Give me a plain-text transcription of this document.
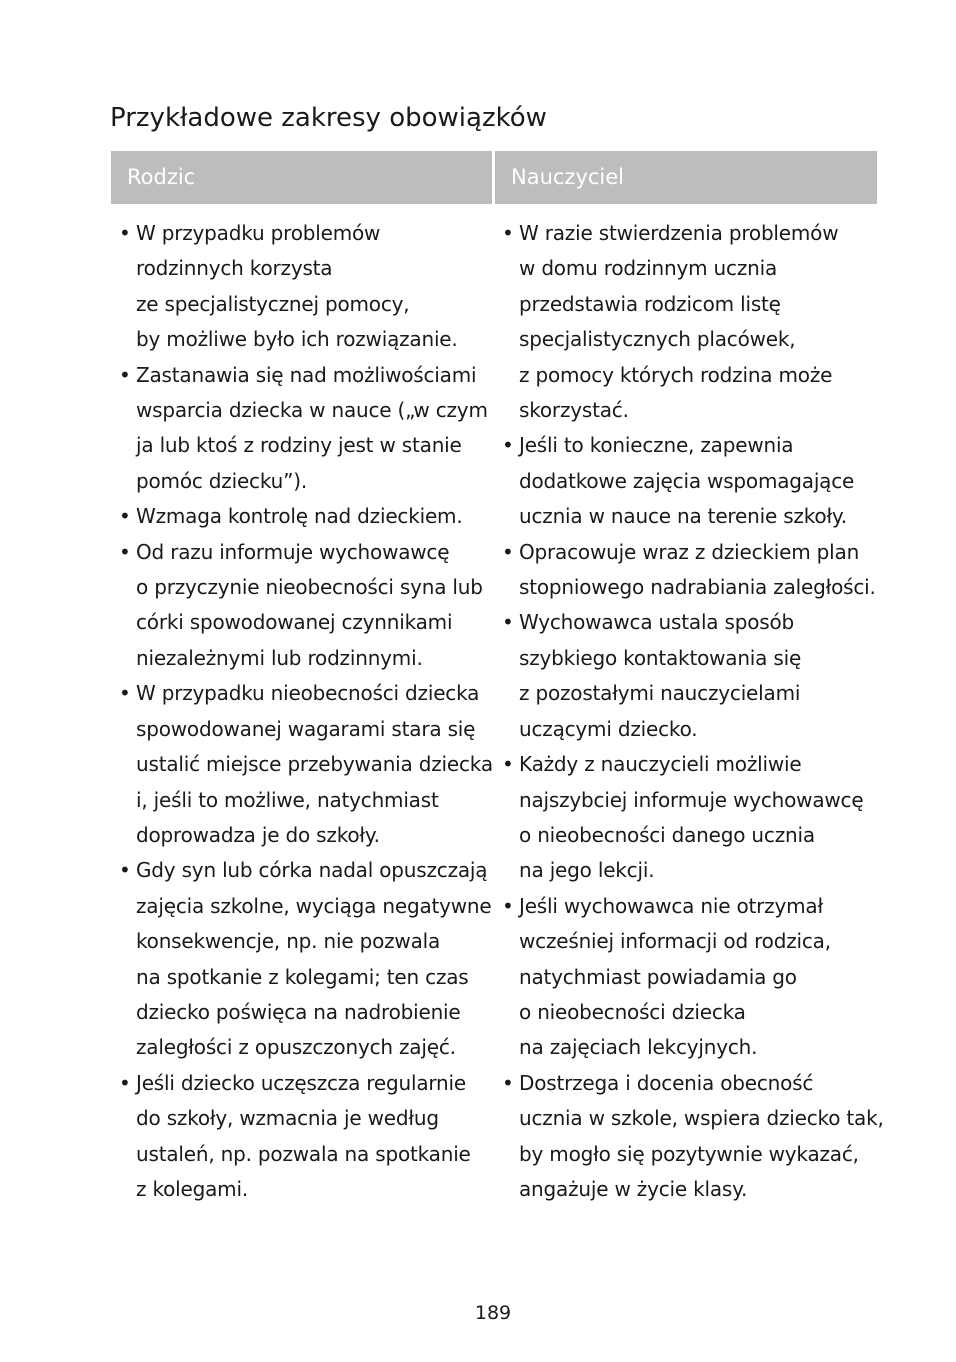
Przykładowe zakresy obowiązków
Rodzic	Nauczyciel
• W przypadku problemów
rodzinnych korzysta
ze specjalistycznej pomocy,
by możliwe było ich rozwiązanie.
• Zastanawia się nad możliwościami
wsparcia dziecka w nauce („w czym
ja lub ktoś z rodziny jest w stanie
pomóc dziecku”).
• Wzmaga kontrolę nad dzieckiem.
• Od razu informuje wychowawcę
o przyczynie nieobecności syna lub
córki spowodowanej czynnikami
niezależnymi lub rodzinnymi.
• W przypadku nieobecności dziecka
spowodowanej wagarami stara się
ustalić miejsce przebywania dziecka
i, jeśli to możliwe, natychmiast
doprowadza je do szkoły.
• Gdy syn lub córka nadal opuszczają
zajęcia szkolne, wyciąga negatywne
konsekwencje, np. nie pozwala
na spotkanie z kolegami; ten czas
dziecko poświęca na nadrobienie
zaległości z opuszczonych zajęć.
• Jeśli dziecko uczęszcza regularnie
do szkoły, wzmacnia je według
ustaleń, np. pozwala na spotkanie
z kolegami.
• W razie stwierdzenia problemów
w domu rodzinnym ucznia
przedstawia rodzicom listę
specjalistycznych placówek,
z pomocy których rodzina może
skorzystać.
• Jeśli to konieczne, zapewnia
dodatkowe zajęcia wspomagające
ucznia w nauce na terenie szkoły.
• Opracowuje wraz z dzieckiem plan
stopniowego nadrabiania zaległości.
• Wychowawca ustala sposób
szybkiego kontaktowania się
z pozostałymi nauczycielami
uczącymi dziecko.
• Każdy z nauczycieli możliwie
najszybciej informuje wychowawcę
o nieobecności danego ucznia
na jego lekcji.
• Jeśli wychowawca nie otrzymał
wcześniej informacji od rodzica,
natychmiast powiadamia go
o nieobecności dziecka
na zajęciach lekcyjnych.
• Dostrzega i docenia obecność
ucznia w szkole, wspiera dziecko tak,
by mogło się pozytywnie wykazać,
angażuje w życie klasy.
189
